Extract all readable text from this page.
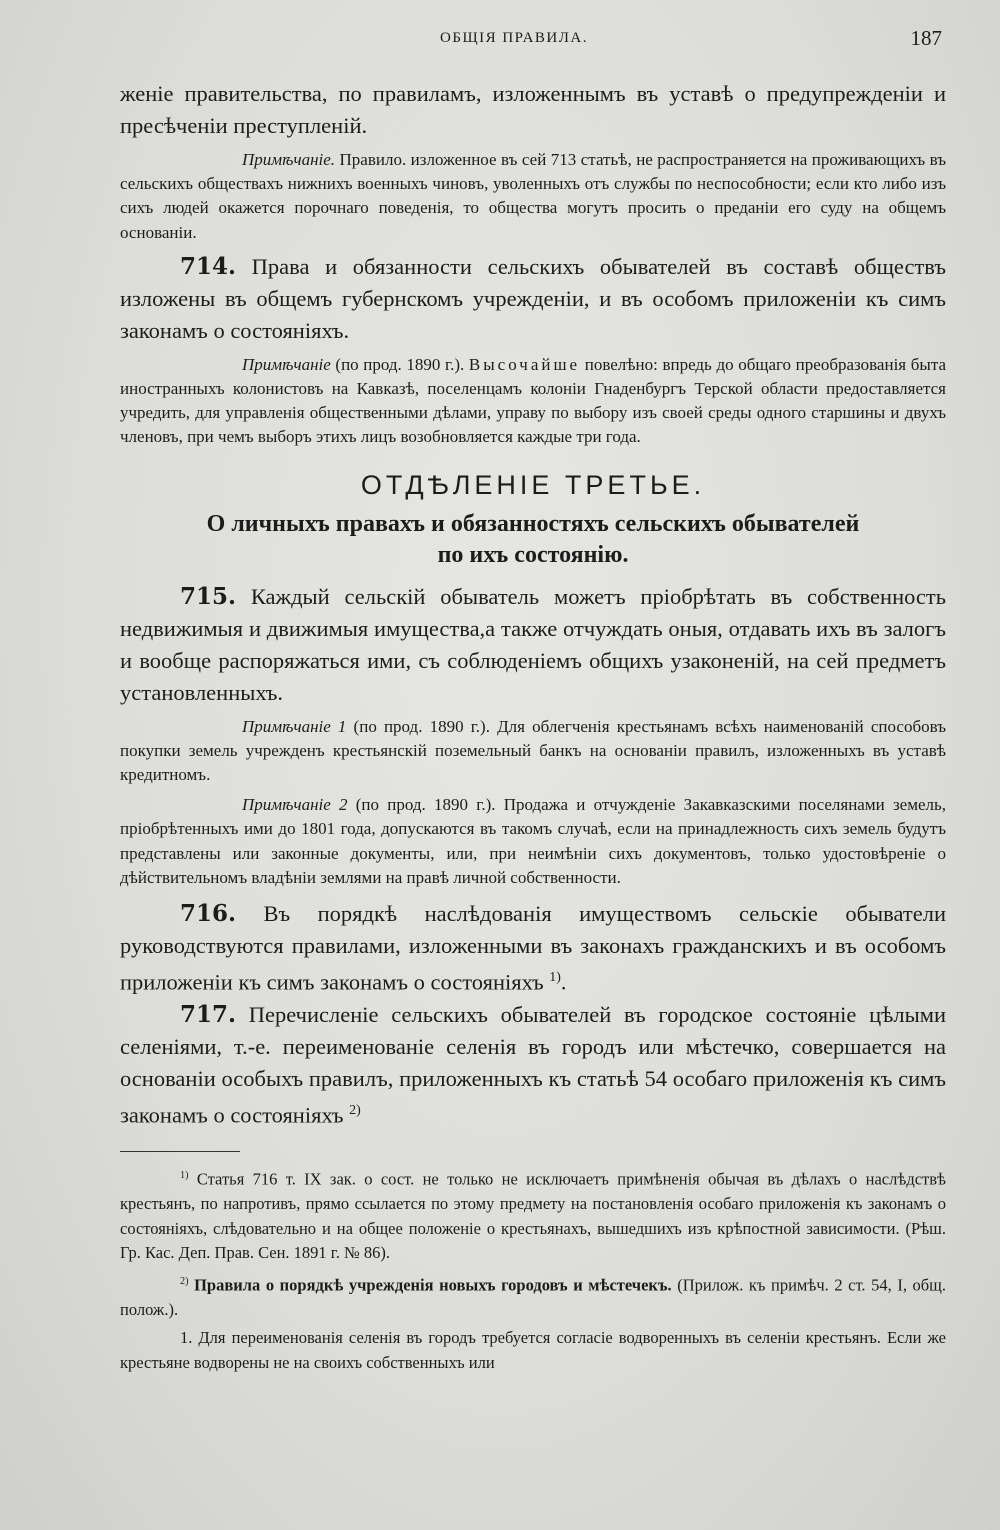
ОБЩІЯ ПРАВИЛА.	187

женіе правительства, по правиламъ, изложеннымъ въ уставѣ о предупрежденіи и пресѣченіи преступленій.

Примѣчаніе. Правило. изложенное въ сей 713 статьѣ, не распространяется на проживающихъ въ сельскихъ обществахъ нижнихъ военныхъ чиновъ, уволенныхъ отъ службы по неспособности; если кто либо изъ сихъ людей окажется порочнаго поведенія, то общества могутъ просить о преданіи его суду на общемъ основаніи.

714. Права и обязанности сельскихъ обывателей въ составѣ обществъ изложены въ общемъ губернскомъ учрежденіи, и въ особомъ приложеніи къ симъ законамъ о состояніяхъ.

Примѣчаніе (по прод. 1890 г.). Высочайше повелѣно: впредь до общаго преобразованія быта иностранныхъ колонистовъ на Кавказѣ, поселенцамъ колоніи Гнаденбургъ Терской области предоставляется учредить, для управленія общественными дѣлами, управу по выбору изъ своей среды одного старшины и двухъ членовъ, при чемъ выборъ этихъ лицъ возобновляется каждые три года.

ОТДѢЛЕНІЕ ТРЕТЬЕ.
О личныхъ правахъ и обязанностяхъ сельскихъ обывателей
по ихъ состоянію.

715. Каждый сельскій обыватель можетъ пріобрѣтать въ собственность недвижимыя и движимыя имущества,а также отчуждать оныя, отдавать ихъ въ залогъ и вообще распоряжаться ими, съ соблюденіемъ общихъ узаконеній, на сей предметъ установленныхъ.

Примѣчаніе 1 (по прод. 1890 г.). Для облегченія крестьянамъ всѣхъ наименованій способовъ покупки земель учрежденъ крестьянскій поземельный банкъ на основаніи правилъ, изложенныхъ въ уставѣ кредитномъ.

Примѣчаніе 2 (по прод. 1890 г.). Продажа и отчужденіе Закавказскими поселянами земель, пріобрѣтенныхъ ими до 1801 года, допускаются въ такомъ случаѣ, если на принадлежность сихъ земель будутъ представлены или законные документы, или, при неимѣніи сихъ документовъ, только удостовѣреніе о дѣйствительномъ владѣніи землями на правѣ личной собственности.

716. Въ порядкѣ наслѣдованія имуществомъ сельскіе обыватели руководствуются правилами, изложенными въ законахъ гражданскихъ и въ особомъ приложеніи къ симъ законамъ о состояніяхъ $^{1)}$.

717. Перечисленіе сельскихъ обывателей въ городское состояніе цѣлыми селеніями, т.-е. переименованіе селенія въ городъ или мѣстечко, совершается на основаніи особыхъ правилъ, приложенныхъ къ статьѣ 54 особаго приложенія къ симъ законамъ о состояніяхъ $^{2)}$

$^{1)}$ Статья 716 т. IX зак. о сост. не только не исключаетъ примѣненія обычая въ дѣлахъ о наслѣдствѣ крестьянъ, по напротивъ, прямо ссылается по этому предмету на постановленія особаго приложенія къ законамъ о состояніяхъ, слѣдовательно и на общее положеніе о крестьянахъ, вышедшихъ изъ крѣпостной зависимости. (Рѣш. Гр. Кас. Деп. Прав. Сен. 1891 г. № 86).

$^{2)}$ Правила о порядкѣ учрежденія новыхъ городовъ и мѣстечекъ. (Прилож. къ примѣч. 2 ст. 54, I, общ. полож.).

1. Для переименованія селенія въ городъ требуется согласіе водворенныхъ въ селеніи крестьянъ. Если же крестьяне водворены не на своихъ собственныхъ или
